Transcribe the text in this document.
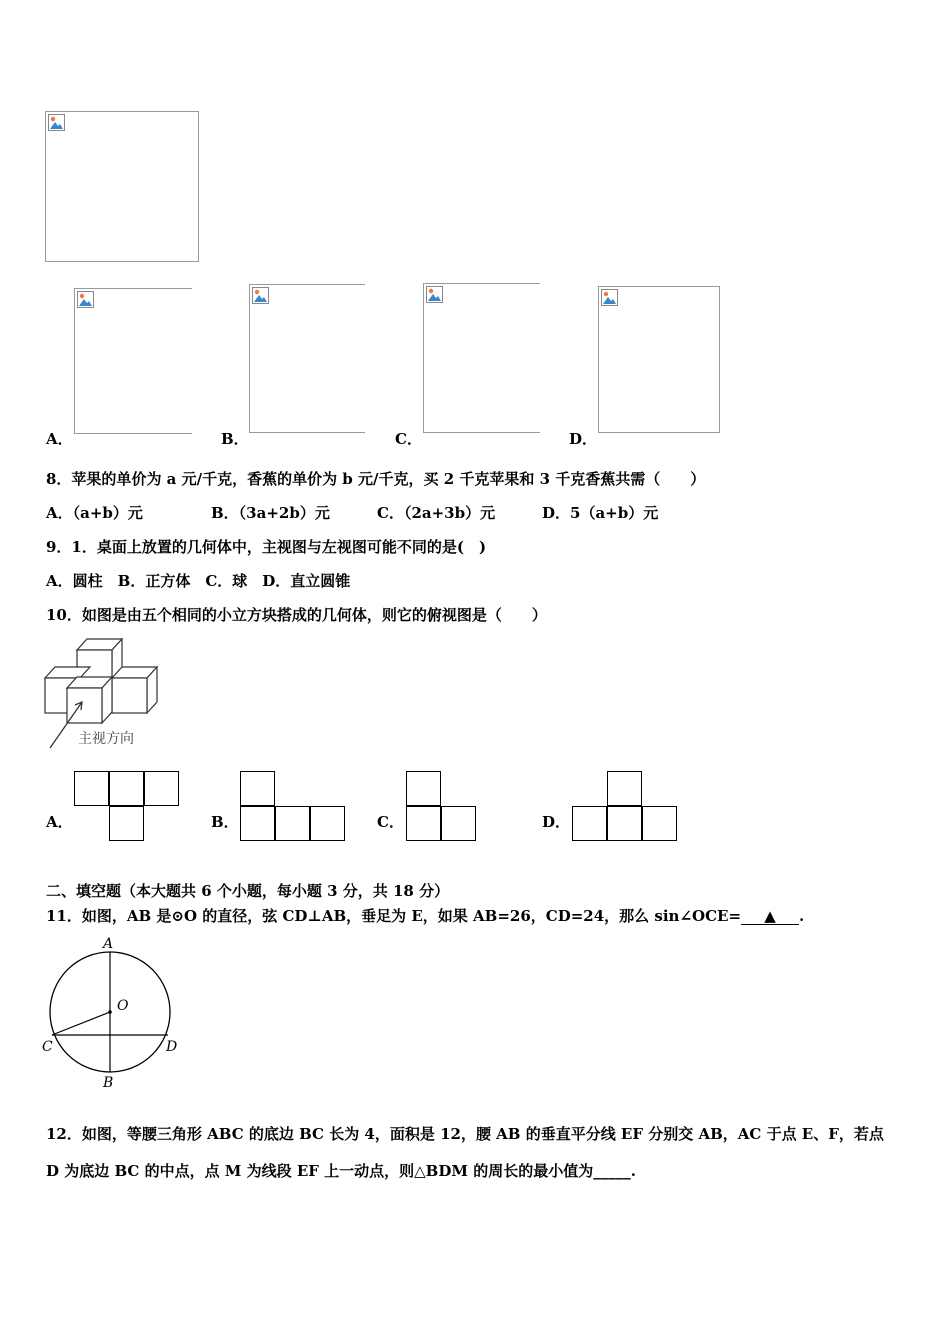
A．	B．	C．	D．
8．苹果的单价为 a 元/千克，香蕉的单价为 b 元/千克，买 2 千克苹果和 3 千克香蕉共需（　　）
A．（a+b）元	B．（3a+2b）元	C．（2a+3b）元	D．5（a+b）元
9．1．桌面上放置的几何体中，主视图与左视图可能不同的是(　)
A．圆柱　B．正方体　C．球　D．直立圆锥
10．如图是由五个相同的小立方块搭成的几何体，则它的俯视图是（　　）
主视方向
A．	B．	C．	D．
二、填空题（本大题共 6 个小题，每小题 3 分，共 18 分）
11．如图，AB 是⊙O 的直径，弦 CD⊥AB，垂足为 E，如果 AB=26，CD=24，那么 sin∠OCE= ▲ .
A
O
C	D
B
12．如图，等腰三角形 ABC 的底边 BC 长为 4，面积是 12，腰 AB 的垂直平分线 EF 分别交 AB，AC 于点 E、F，若点
D 为底边 BC 的中点，点 M 为线段 EF 上一动点，则△BDM 的周长的最小值为_____.
